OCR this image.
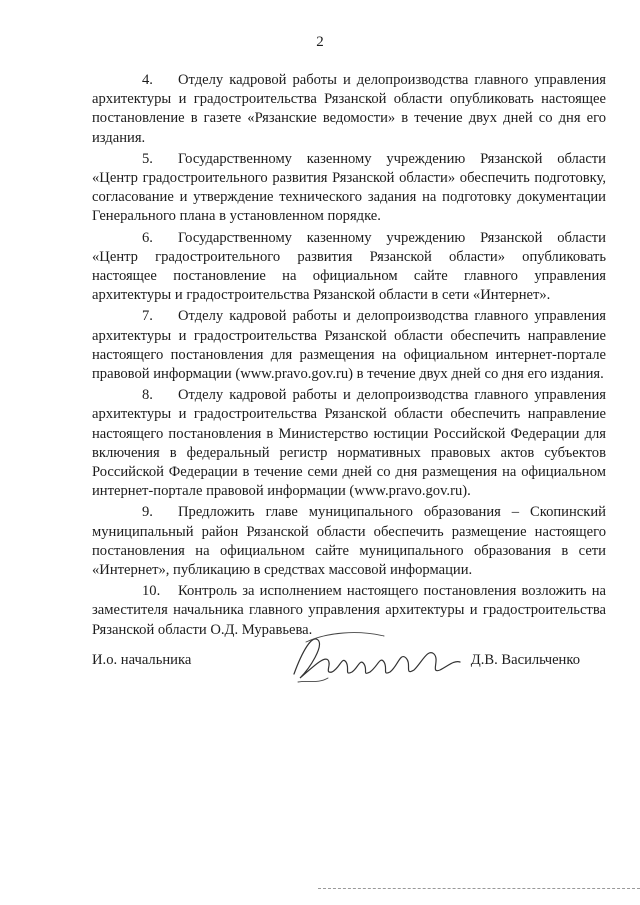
2

4. Отделу кадровой работы и делопроизводства главного управления архитектуры и градостроительства Рязанской области опубликовать настоящее постановление в газете «Рязанские ведомости» в течение двух дней со дня его издания.

5. Государственному казенному учреждению Рязанской области «Центр градостроительного развития Рязанской области» обеспечить подготовку, согласование и утверждение технического задания на подготовку документации Генерального плана в установленном порядке.

6. Государственному казенному учреждению Рязанской области «Центр градостроительного развития Рязанской области» опубликовать настоящее постановление на официальном сайте главного управления архитектуры и градостроительства Рязанской области в сети «Интернет».

7. Отделу кадровой работы и делопроизводства главного управления архитектуры и градостроительства Рязанской области обеспечить направление настоящего постановления для размещения на официальном интернет-портале правовой информации (www.pravo.gov.ru) в течение двух дней со дня его издания.

8. Отделу кадровой работы и делопроизводства главного управления архитектуры и градостроительства Рязанской области обеспечить направление настоящего постановления в Министерство юстиции Российской Федерации для включения в федеральный регистр нормативных правовых актов субъектов Российской Федерации в течение семи дней со дня размещения на официальном интернет-портале правовой информации (www.pravo.gov.ru).

9. Предложить главе муниципального образования – Скопинский муниципальный район Рязанской области обеспечить размещение настоящего постановления на официальном сайте муниципального образования в сети «Интернет», публикацию в средствах массовой информации.

10. Контроль за исполнением настоящего постановления возложить на заместителя начальника главного управления архитектуры и градостроительства Рязанской области О.Д. Муравьева.

И.о. начальника	Д.В. Васильченко
